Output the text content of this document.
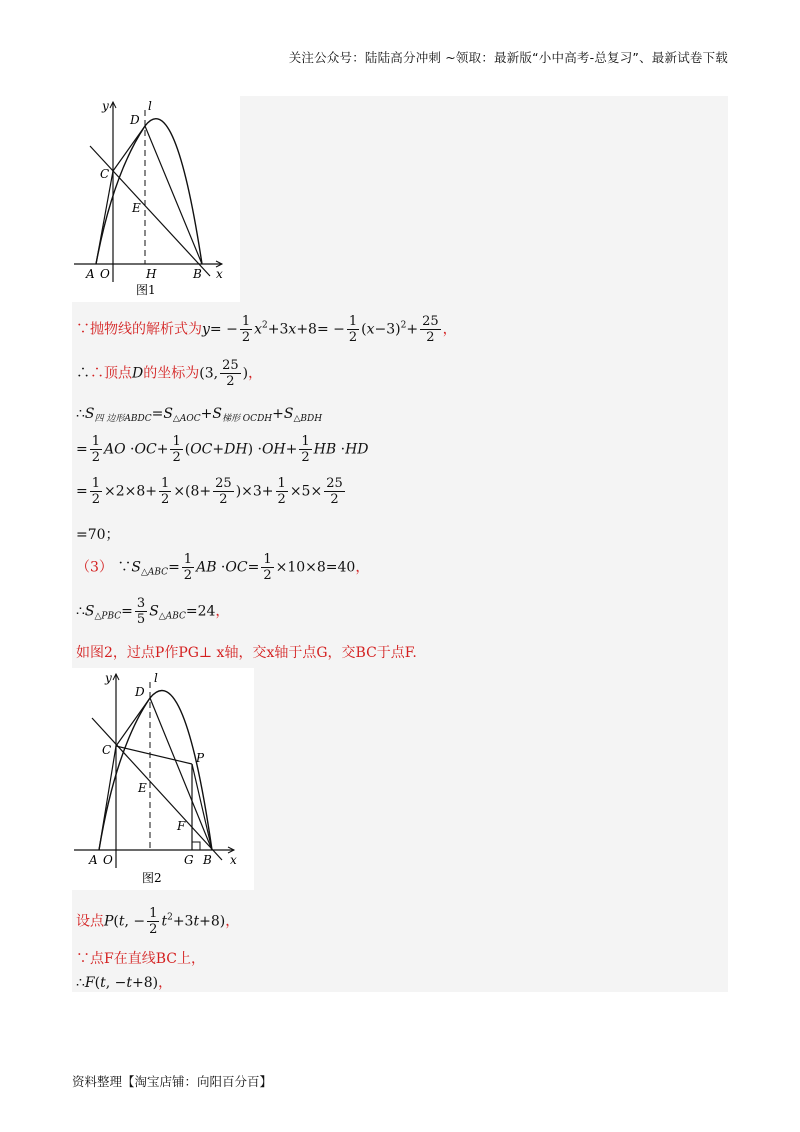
关注公众号：陆陆高分冲刺 ~领取：最新版“小中高考-总复习”、最新试卷下载
y	l
D
C
E
A O	H	B x
图1
∵抛物线的解析式为$y= - \frac{1}{2} x^2+3x+8= - \frac{1}{2} (x-3)^2+ \frac{25}{2}$ ，
∴∴顶点D的坐标为(3, $\frac{25}{2}$ )，
$\therefore S_{四 边形ABDC}=S_{\triangle AOC}+S_{梯形 OCDH}+S_{\triangle BDH}$
= $\frac{1}{2}$ AO $\cdot OC+ \frac{1}{2} (OC+DH) \cdot OH+ \frac{1}{2}$ HB ·HD
= $\frac{1}{2} \times 2\times 8+ \frac{1}{2} \times(8+ \frac{25}{2} )\times 3+ \frac{1}{2} \times 5\times \frac{25}{2}$
=70；
（3） $\because S_{\triangle ABC}= \frac{1}{2}$ AB $\cdot OC= \frac{1}{2} \times 10\times 8=40$，
$\therefore S_{\triangle PBC}= \frac{3}{5} S_{\triangle ABC}=24$，
如图2，过点P作PG⊥ x轴，交x轴于点G，交BC于点F.
y	l
D
C
P
E
F
A O	G B x
图2
设点P(t, − $\frac{1}{2} t^2+3t+8$)，
∵点F在直线BC上，
∴F(t, −t+8)，
资料整理【淘宝店铺：向阳百分百】
